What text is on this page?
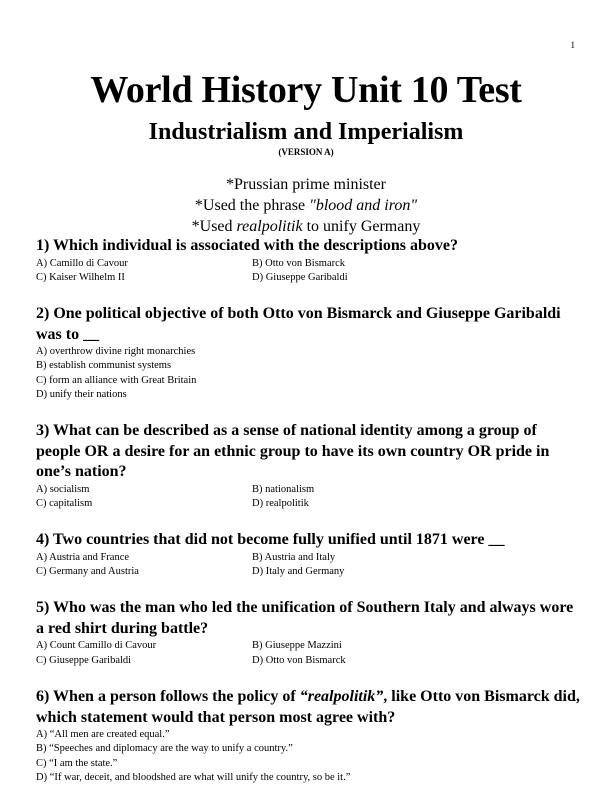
1
World History Unit 10 Test
Industrialism and Imperialism
(VERSION A)
*Prussian prime minister
*Used the phrase "blood and iron"
*Used realpolitik to unify Germany

1) Which individual is associated with the descriptions above?

A) Camillo di Cavour	B) Otto von Bismarck
C) Kaiser Wilhelm II	D) Giuseppe Garibaldi

2) One political objective of both Otto von Bismarck and Giuseppe Garibaldi was to __

A) overthrow divine right monarchies
B) establish communist systems
C) form an alliance with Great Britain
D) unify their nations

3) What can be described as a sense of national identity among a group of people OR a desire for an ethnic group to have its own country OR pride in one’s nation?

A) socialism	B) nationalism
C) capitalism	D) realpolitik

4) Two countries that did not become fully unified until 1871 were __

A) Austria and France	B) Austria and Italy
C) Germany and Austria	D) Italy and Germany

5) Who was the man who led the unification of Southern Italy and always wore a red shirt during battle?

A) Count Camillo di Cavour	B) Giuseppe Mazzini
C) Giuseppe Garibaldi	D) Otto von Bismarck

6) When a person follows the policy of “realpolitik”, like Otto von Bismarck did, which statement would that person most agree with?

A) “All men are created equal.”
B) “Speeches and diplomacy are the way to unify a country.”
C) “I am the state.”
D) “If war, deceit, and bloodshed are what will unify the country, so be it.”
